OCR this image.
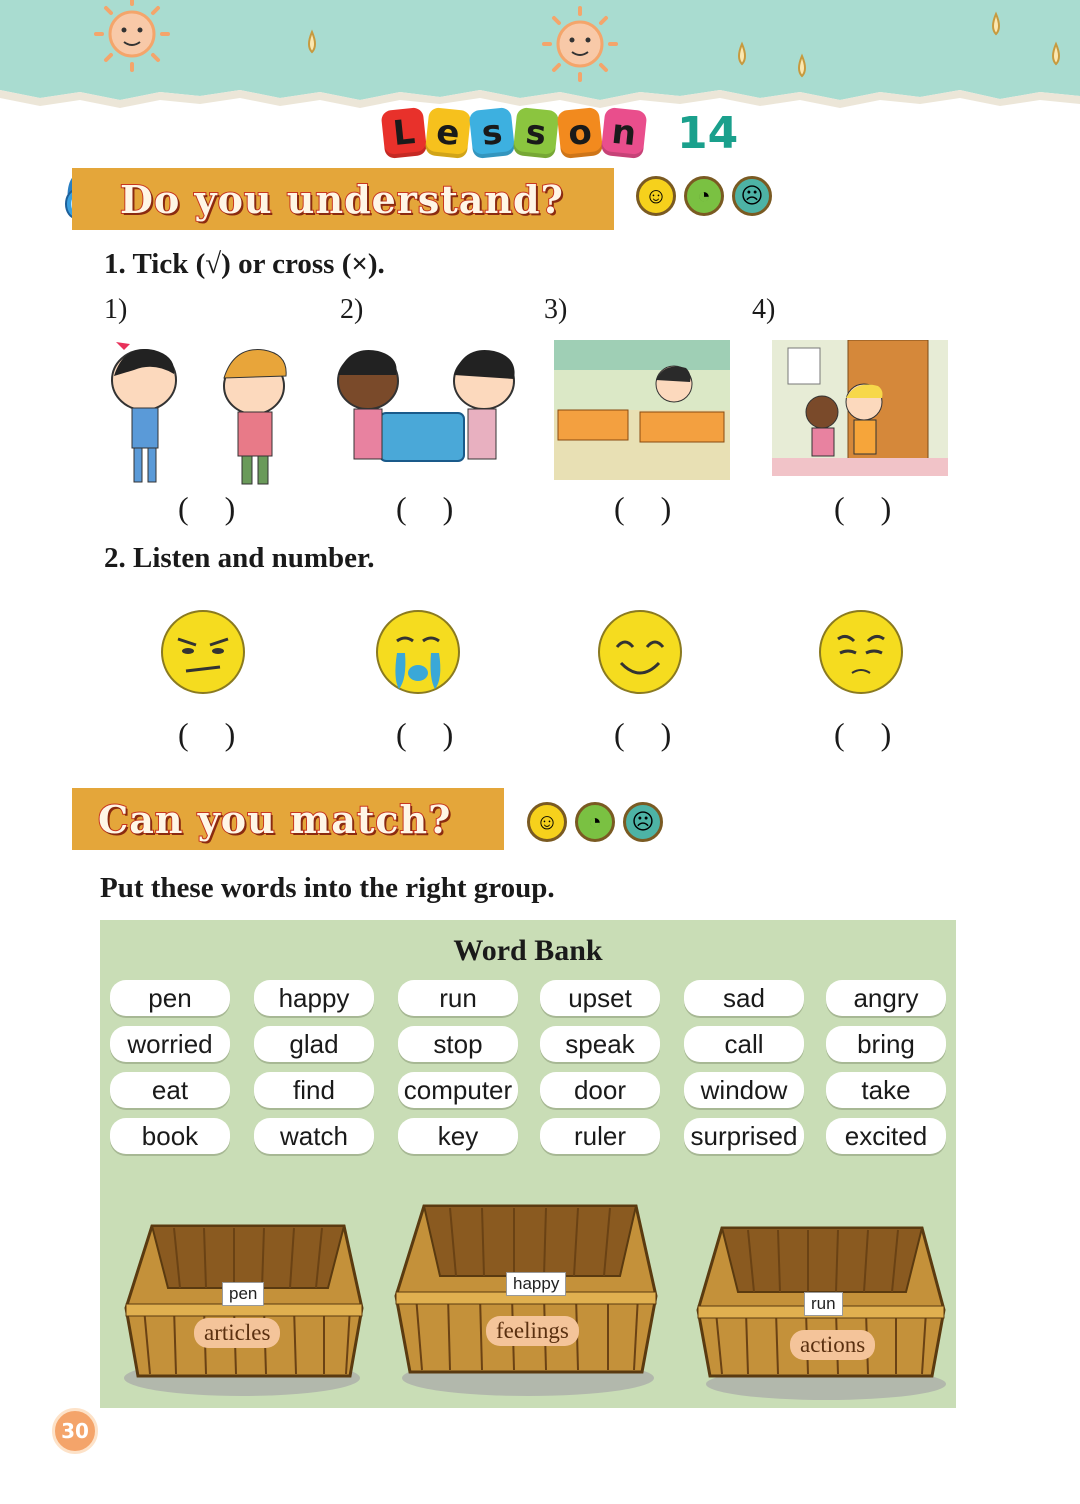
L e s s o n 14
Do you understand?	☺	◔	☹
1. Tick (√) or cross (×).
1)	2)	3)	4)
( )	( )	( )	( )
2. Listen and number.
( )	( )	( )	( )
Can you match?	☺	◔	☹
Put these words into the right group.
Word Bank
pen	happy	run	upset	sad	angry
worried	glad	stop	speak	call	bring
eat	find	computer	door	window	take
book	watch	key	ruler	surprised	excited
pen
articles
happy
feelings
run
actions
30
